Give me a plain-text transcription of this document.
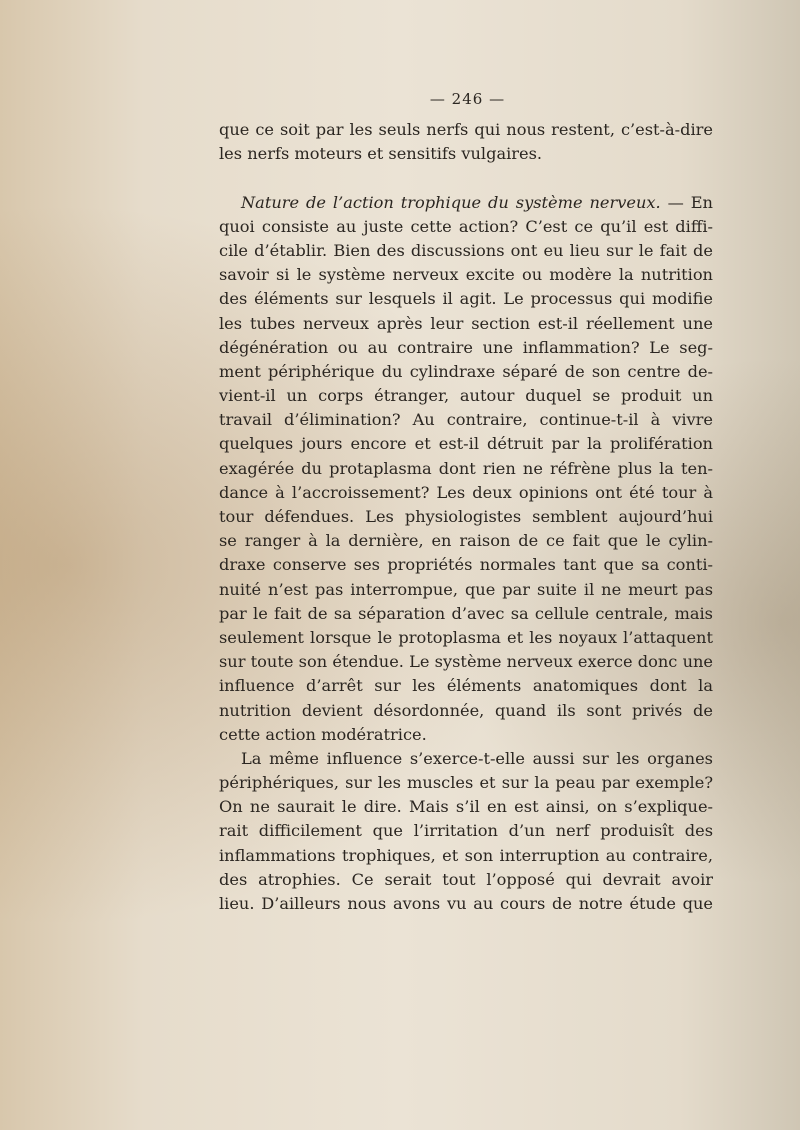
— 246 —
que ce soit par les seuls nerfs qui nous restent, c’est-à-dire
les nerfs moteurs et sensitifs vulgaires.
Nature de l’action trophique du système nerveux. — En
quoi consiste au juste cette action? C’est ce qu’il est diffi-
cile d’établir. Bien des discussions ont eu lieu sur le fait de
savoir si le système nerveux excite ou modère la nutrition
des éléments sur lesquels il agit. Le processus qui modifie
les tubes nerveux après leur section est-il réellement une
dégénération ou au contraire une inflammation? Le seg-
ment périphérique du cylindraxe séparé de son centre de-
vient-il un corps étranger, autour duquel se produit un
travail d’élimination? Au contraire, continue-t-il à vivre
quelques jours encore et est-il détruit par la prolifération
exagérée du protaplasma dont rien ne réfrène plus la ten-
dance à l’accroissement? Les deux opinions ont été tour à
tour défendues. Les physiologistes semblent aujourd’hui
se ranger à la dernière, en raison de ce fait que le cylin-
draxe conserve ses propriétés normales tant que sa conti-
nuité n’est pas interrompue, que par suite il ne meurt pas
par le fait de sa séparation d’avec sa cellule centrale, mais
seulement lorsque le protoplasma et les noyaux l’attaquent
sur toute son étendue. Le système nerveux exerce donc une
influence d’arrêt sur les éléments anatomiques dont la
nutrition devient désordonnée, quand ils sont privés de
cette action modératrice.
La même influence s’exerce-t-elle aussi sur les organes
périphériques, sur les muscles et sur la peau par exemple?
On ne saurait le dire. Mais s’il en est ainsi, on s’explique-
rait difficilement que l’irritation d’un nerf produisît des
inflammations trophiques, et son interruption au contraire,
des atrophies. Ce serait tout l’opposé qui devrait avoir
lieu. D’ailleurs nous avons vu au cours de notre étude que
